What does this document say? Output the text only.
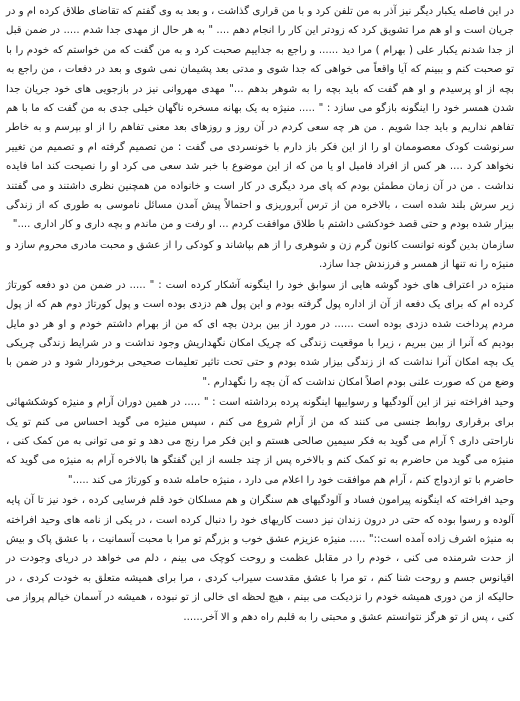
در این فاصله یکبار دیگر نیز آذر به من تلفن کرد و با من قراری گذاشت ، و بعد به وی گفتم که تقاضای طلاق کرده ام و در جریان است و او هم مرا تشویق کرد که زودتر این کار را انجام دهم .... " به هر حال از مهدی جدا شدم ..... در ضمن قبل از جدا شدنم یکبار علی ( بهرام ) مرا دید ...... و راجع به جداییم صحبت کرد و به من گفت که من خواستم که خودم را با تو صحبت کنم و ببینم که آیا واقعاً می خواهی که جدا شوی و مدتی بعد پشیمان نمی شوی و بعد در دفعات ، من راجع به بچه از او پرسیدم و او هم گفت که باید بچه را به شوهر بدهم ..." مهدی مهروانی نیز در بازجویی های خود جریان جدا شدن همسر خود را اینگونه بازگو می سازد : " ..... منیژه به یک بهانه مسخره ناگهان خیلی جدی به من گفت که ما با هم تفاهم نداریم و باید جدا شویم . من هر چه سعی کردم در آن روز و روزهای بعد معنی تفاهم را از او بپرسم و به خاطر سرنوشت کودک معصوممان او را از این فکر باز دارم با خونسردی می گفت : من تصمیم گرفته ام و تصمیم من تغییر نخواهد کرد .... هر کس از افراد فامیل او یا من که از این موضوع با خبر شد سعی می کرد او را نصیحت کند اما فایده نداشت . من در آن زمان مطمئن بودم که پای مرد دیگری در کار است و خانواده من همچنین نظری داشتند و می گفتند زیر سرش بلند شده است ، بالاخره من از ترس آبروریزی و احتمالاً پیش آمدن مسائل ناموسی به طوری که از زندگی بیزار شده بودم و حتی قصد خودکشی داشتم با طلاق موافقت کردم ... او رفت و من ماندم و بچه داری و کار اداری ...."

سازمان بدین گونه توانست کانون گرم زن و شوهری را از هم بپاشاند و کودکی را از عشق و محبت مادری محروم سازد و منیژه را نه تنها از همسر و فرزندش جدا سازد.

منیژه در اعتراف های خود گوشه هایی از سوابق خود را اینگونه آشکار کرده است : " ..... در ضمن من دو دفعه کورتاژ کرده ام که برای یک دفعه از آن از اداره پول گرفته بودم و این پول هم دزدی بوده است و پول کورتاژ دوم هم که از پول مردم پرداخت شده دزدی بوده است ...... در مورد از بین بردن بچه ای که من از بهرام داشتم خودم و او هر دو مایل بودیم که آنرا از بین ببریم ، زیرا با موقعیت زندگی که چریک امکان نگهداریش وجود نداشت و در شرایط زندگی چریکی یک بچه امکان آنرا نداشت که از زندگی بیزار شده بودم و حتی تحت تاثیر تعلیمات صحیحی برخوردار شود و در ضمن با وضع من که صورت علنی بودم اصلاً امکان نداشت که آن بچه را نگهدارم ."

وحید افراخته نیز از این آلودگیها و رسواییها اینگونه پرده برداشته است : " ..... در همین دوران آرام و منیژه کوشکشهائی برای برقراری روابط جنسی می کنند که من از آرام شروع می کنم ، سپس منیژه می گوید احساس می کنم تو یک ناراحتی داری ؟ آرام می گوید به فکر سیمین صالحی هستم و این فکر مرا رنج می دهد و تو می توانی به من کمک کنی ، منیژه می گوید من حاضرم به تو کمک کنم و بالاخره پس از چند جلسه از این گفتگو ها بالاخره آرام به منیژه می گوید که حاضرم با تو ازدواج کنم ، آرام هم موافقت خود را اعلام می دارد ، منیژه حامله شده و کورتاژ می کند ....."

وحید افراخته که اینگونه پیرامون فساد و آلودگیهای هم سنگران و هم مسلکان خود قلم فرسایی کرده ، خود نیز تا آن پایه آلوده و رسوا بوده که حتی در درون زندان نیز دست کاریهای خود را دنبال کرده است ، در یکی از نامه های وحید افراخته به منیژه اشرف زاده آمده است::" ..... منیژه عزیزم عشق خوب و بزرگم تو مرا با محبت آسمانیت ، با عشق پاک و بیش از حدت شرمنده می کنی ، خودم را در مقابل عظمت و روحت کوچک می بینم ، دلم می خواهد در دریای وجودت در اقیانوس جسم و روحت شنا کنم ، تو مرا با عشق مقدست سیراب کردی ، مرا برای همیشه متعلق به خودت کردی ، در حالیکه از من دوری همیشه خودم را نزدیکت می بینم ، هیچ لحظه ای خالی از تو نبوده ، همیشه در آسمان خیالم پرواز می کنی ، پس از تو هرگز نتوانستم عشق و محبتی را به قلبم راه دهم و الا آخر......
